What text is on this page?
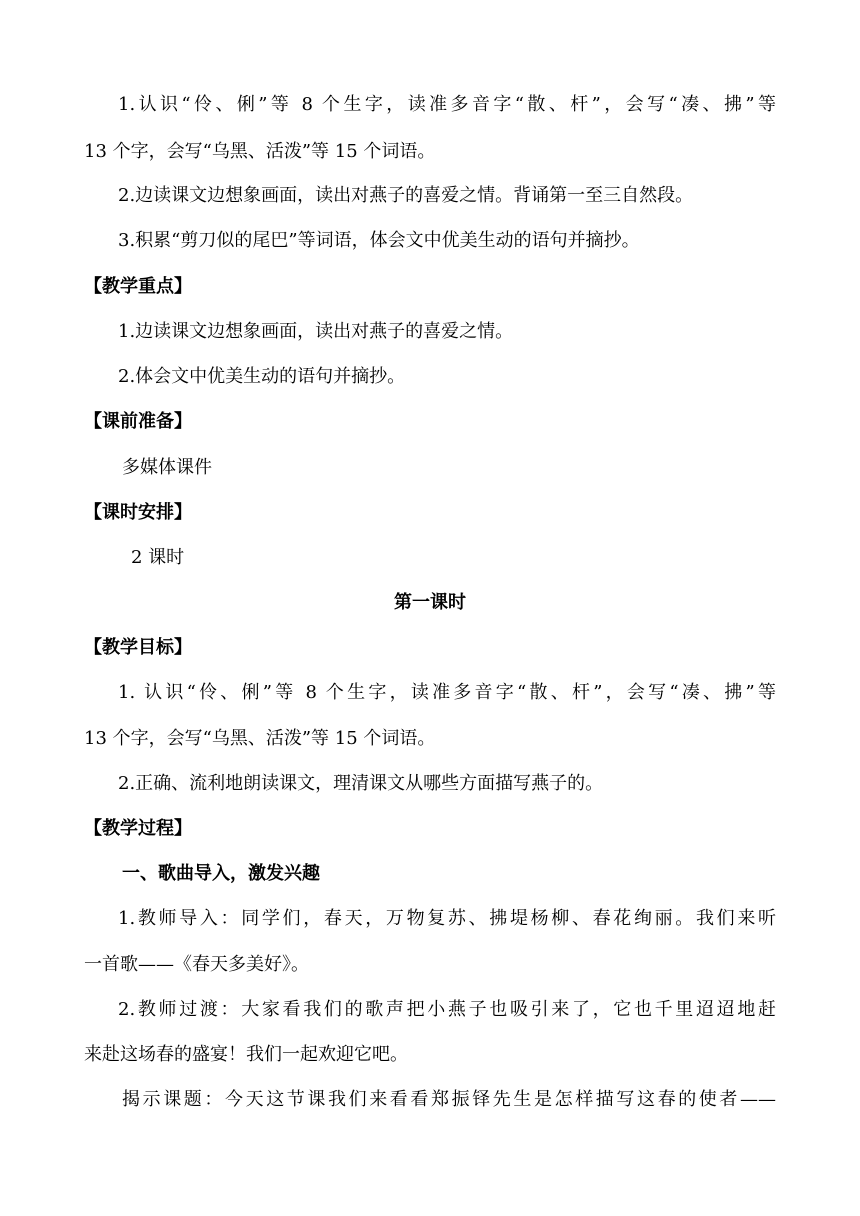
1.认识“伶、俐”等 8 个生字，读准多音字“散、杆”，会写“凑、拂”等
13 个字，会写“乌黑、活泼”等 15 个词语。
2.边读课文边想象画面，读出对燕子的喜爱之情。背诵第一至三自然段。
3.积累“剪刀似的尾巴”等词语，体会文中优美生动的语句并摘抄。
【教学重点】
1.边读课文边想象画面，读出对燕子的喜爱之情。
2.体会文中优美生动的语句并摘抄。
【课前准备】
多媒体课件
【课时安排】
2 课时
第一课时
【教学目标】
1. 认识“伶、俐”等 8 个生字，读准多音字“散、杆”，会写“凑、拂”等
13 个字，会写“乌黑、活泼”等 15 个词语。
2.正确、流利地朗读课文，理清课文从哪些方面描写燕子的。
【教学过程】
一、歌曲导入，激发兴趣
1.教师导入：同学们，春天，万物复苏、拂堤杨柳、春花绚丽。我们来听
一首歌——《春天多美好》。
2.教师过渡：大家看我们的歌声把小燕子也吸引来了，它也千里迢迢地赶
来赴这场春的盛宴！我们一起欢迎它吧。
揭示课题：今天这节课我们来看看郑振铎先生是怎样描写这春的使者——
